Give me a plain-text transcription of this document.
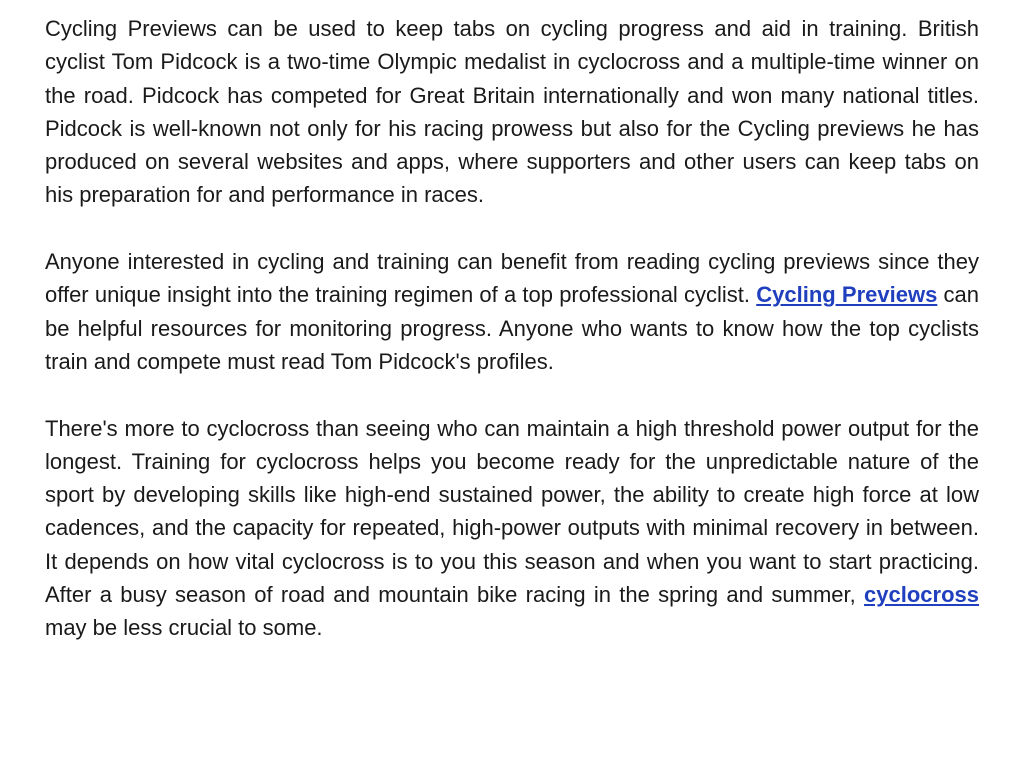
Cycling Previews can be used to keep tabs on cycling progress and aid in training. British cyclist Tom Pidcock is a two-time Olympic medalist in cyclocross and a multiple-time winner on the road. Pidcock has competed for Great Britain internationally and won many national titles. Pidcock is well-known not only for his racing prowess but also for the Cycling previews he has produced on several websites and apps, where supporters and other users can keep tabs on his preparation for and performance in races.

Anyone interested in cycling and training can benefit from reading cycling previews since they offer unique insight into the training regimen of a top professional cyclist. Cycling Previews can be helpful resources for monitoring progress. Anyone who wants to know how the top cyclists train and compete must read Tom Pidcock's profiles.

There's more to cyclocross than seeing who can maintain a high threshold power output for the longest. Training for cyclocross helps you become ready for the unpredictable nature of the sport by developing skills like high-end sustained power, the ability to create high force at low cadences, and the capacity for repeated, high-power outputs with minimal recovery in between. It depends on how vital cyclocross is to you this season and when you want to start practicing. After a busy season of road and mountain bike racing in the spring and summer, cyclocross may be less crucial to some.
